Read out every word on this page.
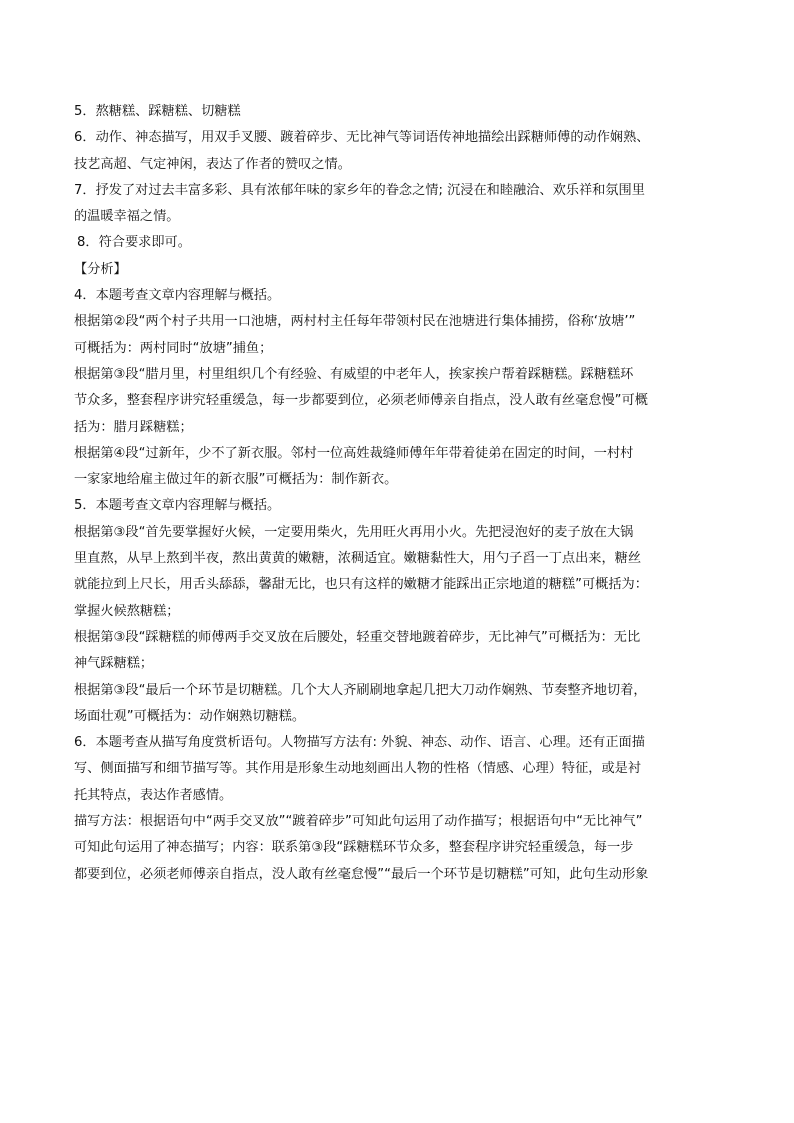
5．熬糖糕、踩糖糕、切糖糕
6．动作、神态描写，用双手叉腰、踱着碎步、无比神气等词语传神地描绘出踩糖师傅的动作娴熟、
技艺高超、气定神闲，表达了作者的赞叹之情。
7．抒发了对过去丰富多彩、具有浓郁年味的家乡年的眷念之情; 沉浸在和睦融洽、欢乐祥和氛围里
的温暖幸福之情。
8．符合要求即可。
【分析】
4．本题考查文章内容理解与概括。
根据第②段“两个村子共用一口池塘，两村村主任每年带领村民在池塘进行集体捕捞，俗称‘放塘’”
可概括为：两村同时“放塘”捕鱼；
根据第③段“腊月里，村里组织几个有经验、有威望的中老年人，挨家挨户帮着踩糖糕。踩糖糕环
节众多，整套程序讲究轻重缓急，每一步都要到位，必须老师傅亲自指点，没人敢有丝毫怠慢”可概
括为：腊月踩糖糕；
根据第④段“过新年，少不了新衣服。邻村一位高姓裁缝师傅年年带着徒弟在固定的时间，一村村
一家家地给雇主做过年的新衣服”可概括为：制作新衣。
5．本题考查文章内容理解与概括。
根据第③段“首先要掌握好火候，一定要用柴火，先用旺火再用小火。先把浸泡好的麦子放在大锅
里直熬，从早上熬到半夜，熬出黄黄的嫩糖，浓稠适宜。嫩糖黏性大，用勺子舀一丁点出来，糖丝
就能拉到上尺长，用舌头舔舔，馨甜无比，也只有这样的嫩糖才能踩出正宗地道的糖糕”可概括为：
掌握火候熬糖糕；
根据第③段“踩糖糕的师傅两手交叉放在后腰处，轻重交替地踱着碎步，无比神气”可概括为：无比
神气踩糖糕；
根据第③段“最后一个环节是切糖糕。几个大人齐刷刷地拿起几把大刀动作娴熟、节奏整齐地切着，
场面壮观”可概括为：动作娴熟切糖糕。
6．本题考查从描写角度赏析语句。人物描写方法有: 外貌、神态、动作、语言、心理。还有正面描
写、侧面描写和细节描写等。其作用是形象生动地刻画出人物的性格（情感、心理）特征，或是衬
托其特点，表达作者感情。
描写方法：根据语句中“两手交叉放”“踱着碎步”可知此句运用了动作描写；根据语句中“无比神气”
可知此句运用了神态描写；内容：联系第③段“踩糖糕环节众多，整套程序讲究轻重缓急，每一步
都要到位，必须老师傅亲自指点，没人敢有丝毫怠慢”“最后一个环节是切糖糕”可知，此句生动形象
